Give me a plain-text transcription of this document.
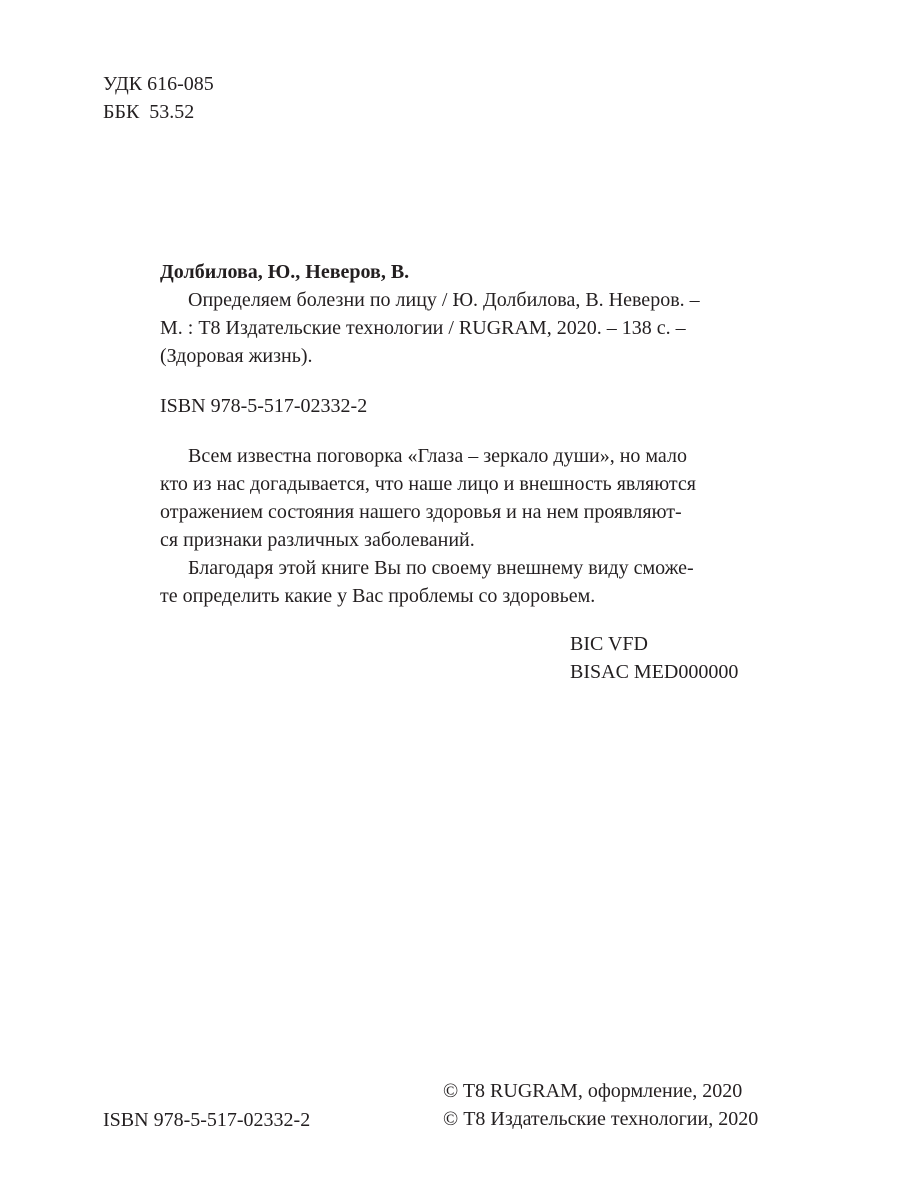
УДК 616-085
ББК  53.52
Долбилова, Ю., Неверов, В.
Определяем болезни по лицу / Ю. Долбилова, В. Неверов. –
М. : Т8 Издательские технологии / RUGRAM, 2020. – 138 с. –
(Здоровая жизнь).
ISBN 978-5-517-02332-2
Всем известна поговорка «Глаза – зеркало души», но мало
кто из нас догадывается, что наше лицо и внешность являются
отражением состояния нашего здоровья и на нем проявляют-
ся признаки различных заболеваний.
Благодаря этой книге Вы по своему внешнему виду сможе-
те определить какие у Вас проблемы со здоровьем.
BIC VFD
BISAC MED000000
ISBN 978-5-517-02332-2
© T8 RUGRAM, оформление, 2020
© Т8 Издательские технологии, 2020
